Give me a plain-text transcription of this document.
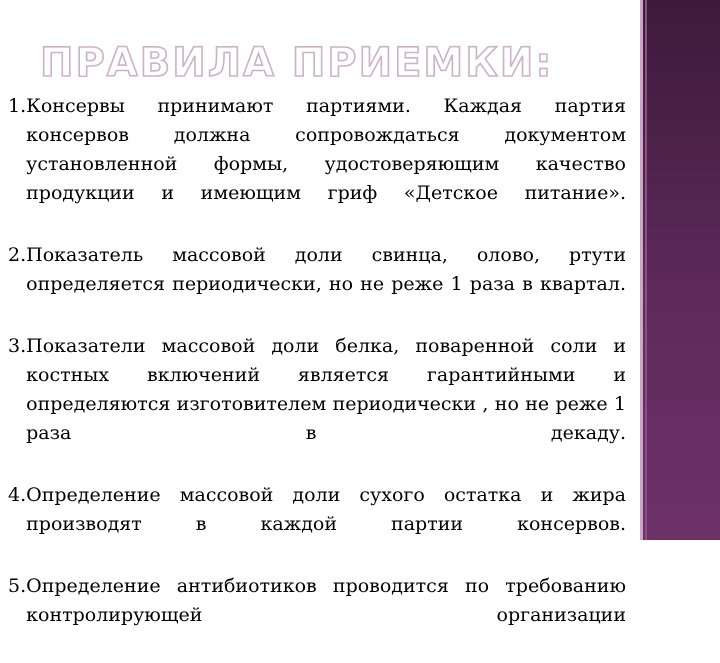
ПРАВИЛА ПРИЕМКИ:
1. Консервы принимают партиями. Каждая партия консервов должна сопровождаться документом установленной формы, удостоверяющим качество продукции и имеющим гриф «Детское питание».
2. Показатель массовой доли свинца, олово, ртути определяется периодически, но не реже 1 раза в квартал.
3. Показатели массовой доли белка, поваренной соли и костных включений является гарантийными и определяются изготовителем периодически , но не реже 1 раза в декаду.
4. Определение массовой доли сухого остатка и жира производят в каждой партии консервов.
5. Определение антибиотиков проводится по требованию контролирующей организации
